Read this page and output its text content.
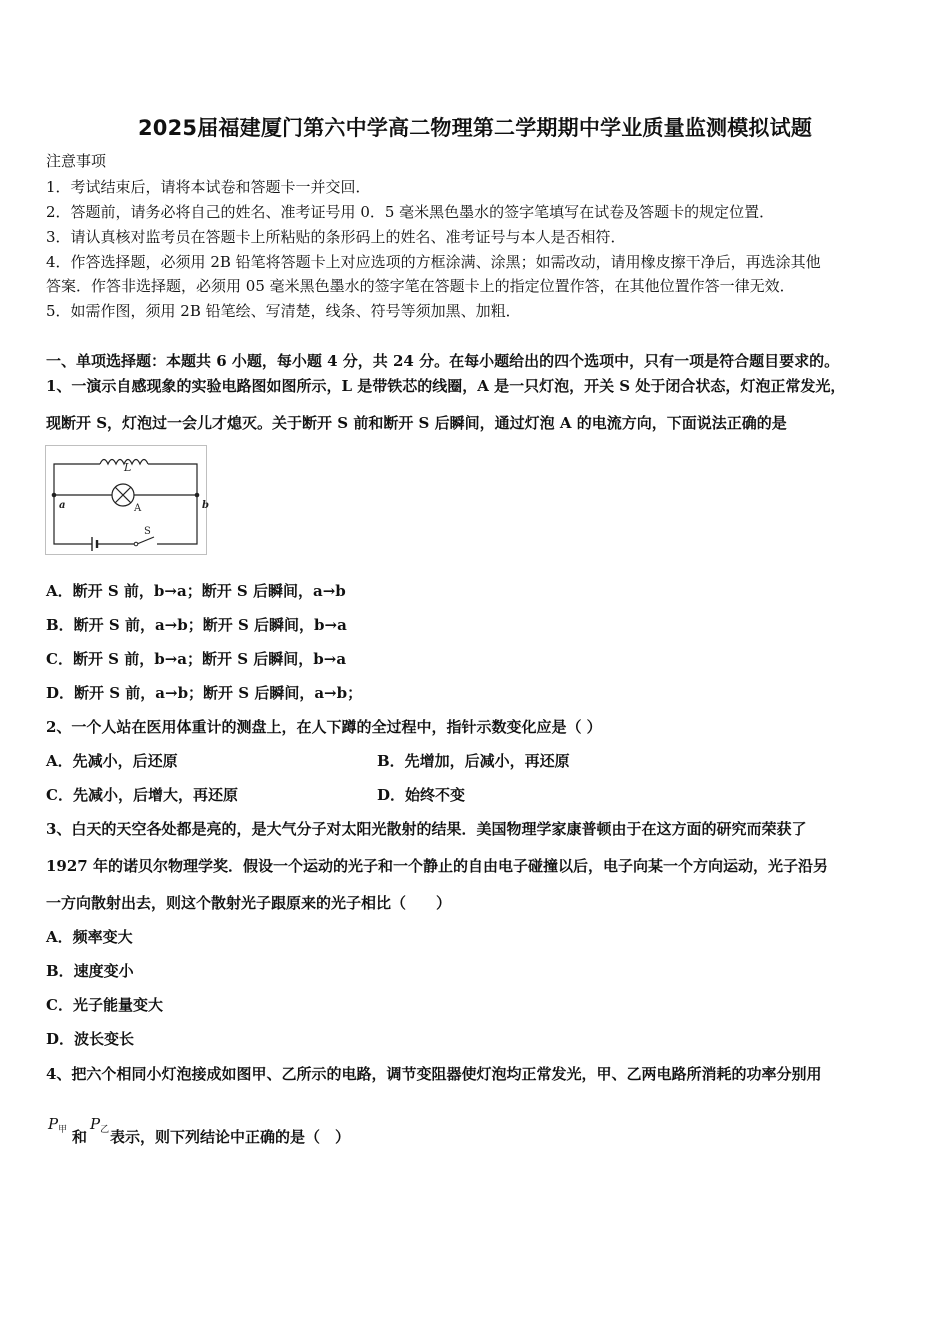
2025届福建厦门第六中学高二物理第二学期期中学业质量监测模拟试题
注意事项
1．考试结束后，请将本试卷和答题卡一并交回．
2．答题前，请务必将自己的姓名、准考证号用 0．5 毫米黑色墨水的签字笔填写在试卷及答题卡的规定位置．
3．请认真核对监考员在答题卡上所粘贴的条形码上的姓名、准考证号与本人是否相符．
4．作答选择题，必须用 2B 铅笔将答题卡上对应选项的方框涂满、涂黑；如需改动，请用橡皮擦干净后，再选涂其他
答案．作答非选择题，必须用 05 毫米黑色墨水的签字笔在答题卡上的指定位置作答，在其他位置作答一律无效．
5．如需作图，须用 2B 铅笔绘、写清楚，线条、符号等须加黑、加粗．
一、单项选择题：本题共 6 小题，每小题 4 分，共 24 分。在每小题给出的四个选项中，只有一项是符合题目要求的。
1、一演示自感现象的实验电路图如图所示，L 是带铁芯的线圈，A 是一只灯泡，开关 S 处于闭合状态，灯泡正常发光，
现断开 S，灯泡过一会儿才熄灭。关于断开 S 前和断开 S 后瞬间，通过灯泡 A 的电流方向，下面说法正确的是
L
A
S
a	b
A．断开 S 前，b→a；断开 S 后瞬间，a→b
B．断开 S 前，a→b；断开 S 后瞬间，b→a
C．断开 S 前，b→a；断开 S 后瞬间，b→a
D．断开 S 前，a→b；断开 S 后瞬间，a→b；
2、一个人站在医用体重计的测盘上，在人下蹲的全过程中，指针示数变化应是（ ）
A．先减小，后还原	B．先增加，后减小，再还原
C．先减小，后增大，再还原	D．始终不变
3、白天的天空各处都是亮的，是大气分子对太阳光散射的结果．美国物理学家康普顿由于在这方面的研究而荣获了
1927 年的诺贝尔物理学奖．假设一个运动的光子和一个静止的自由电子碰撞以后，电子向某一个方向运动，光子沿另
一方向散射出去，则这个散射光子跟原来的光子相比（　　）
A．频率变大
B．速度变小
C．光子能量变大
D．波长变长
4、把六个相同小灯泡接成如图甲、乙所示的电路，调节变阻器使灯泡均正常发光，甲、乙两电路所消耗的功率分别用
$P_甲$ 和
$P_乙$ 表示，则下列结论中正确的是（　）
